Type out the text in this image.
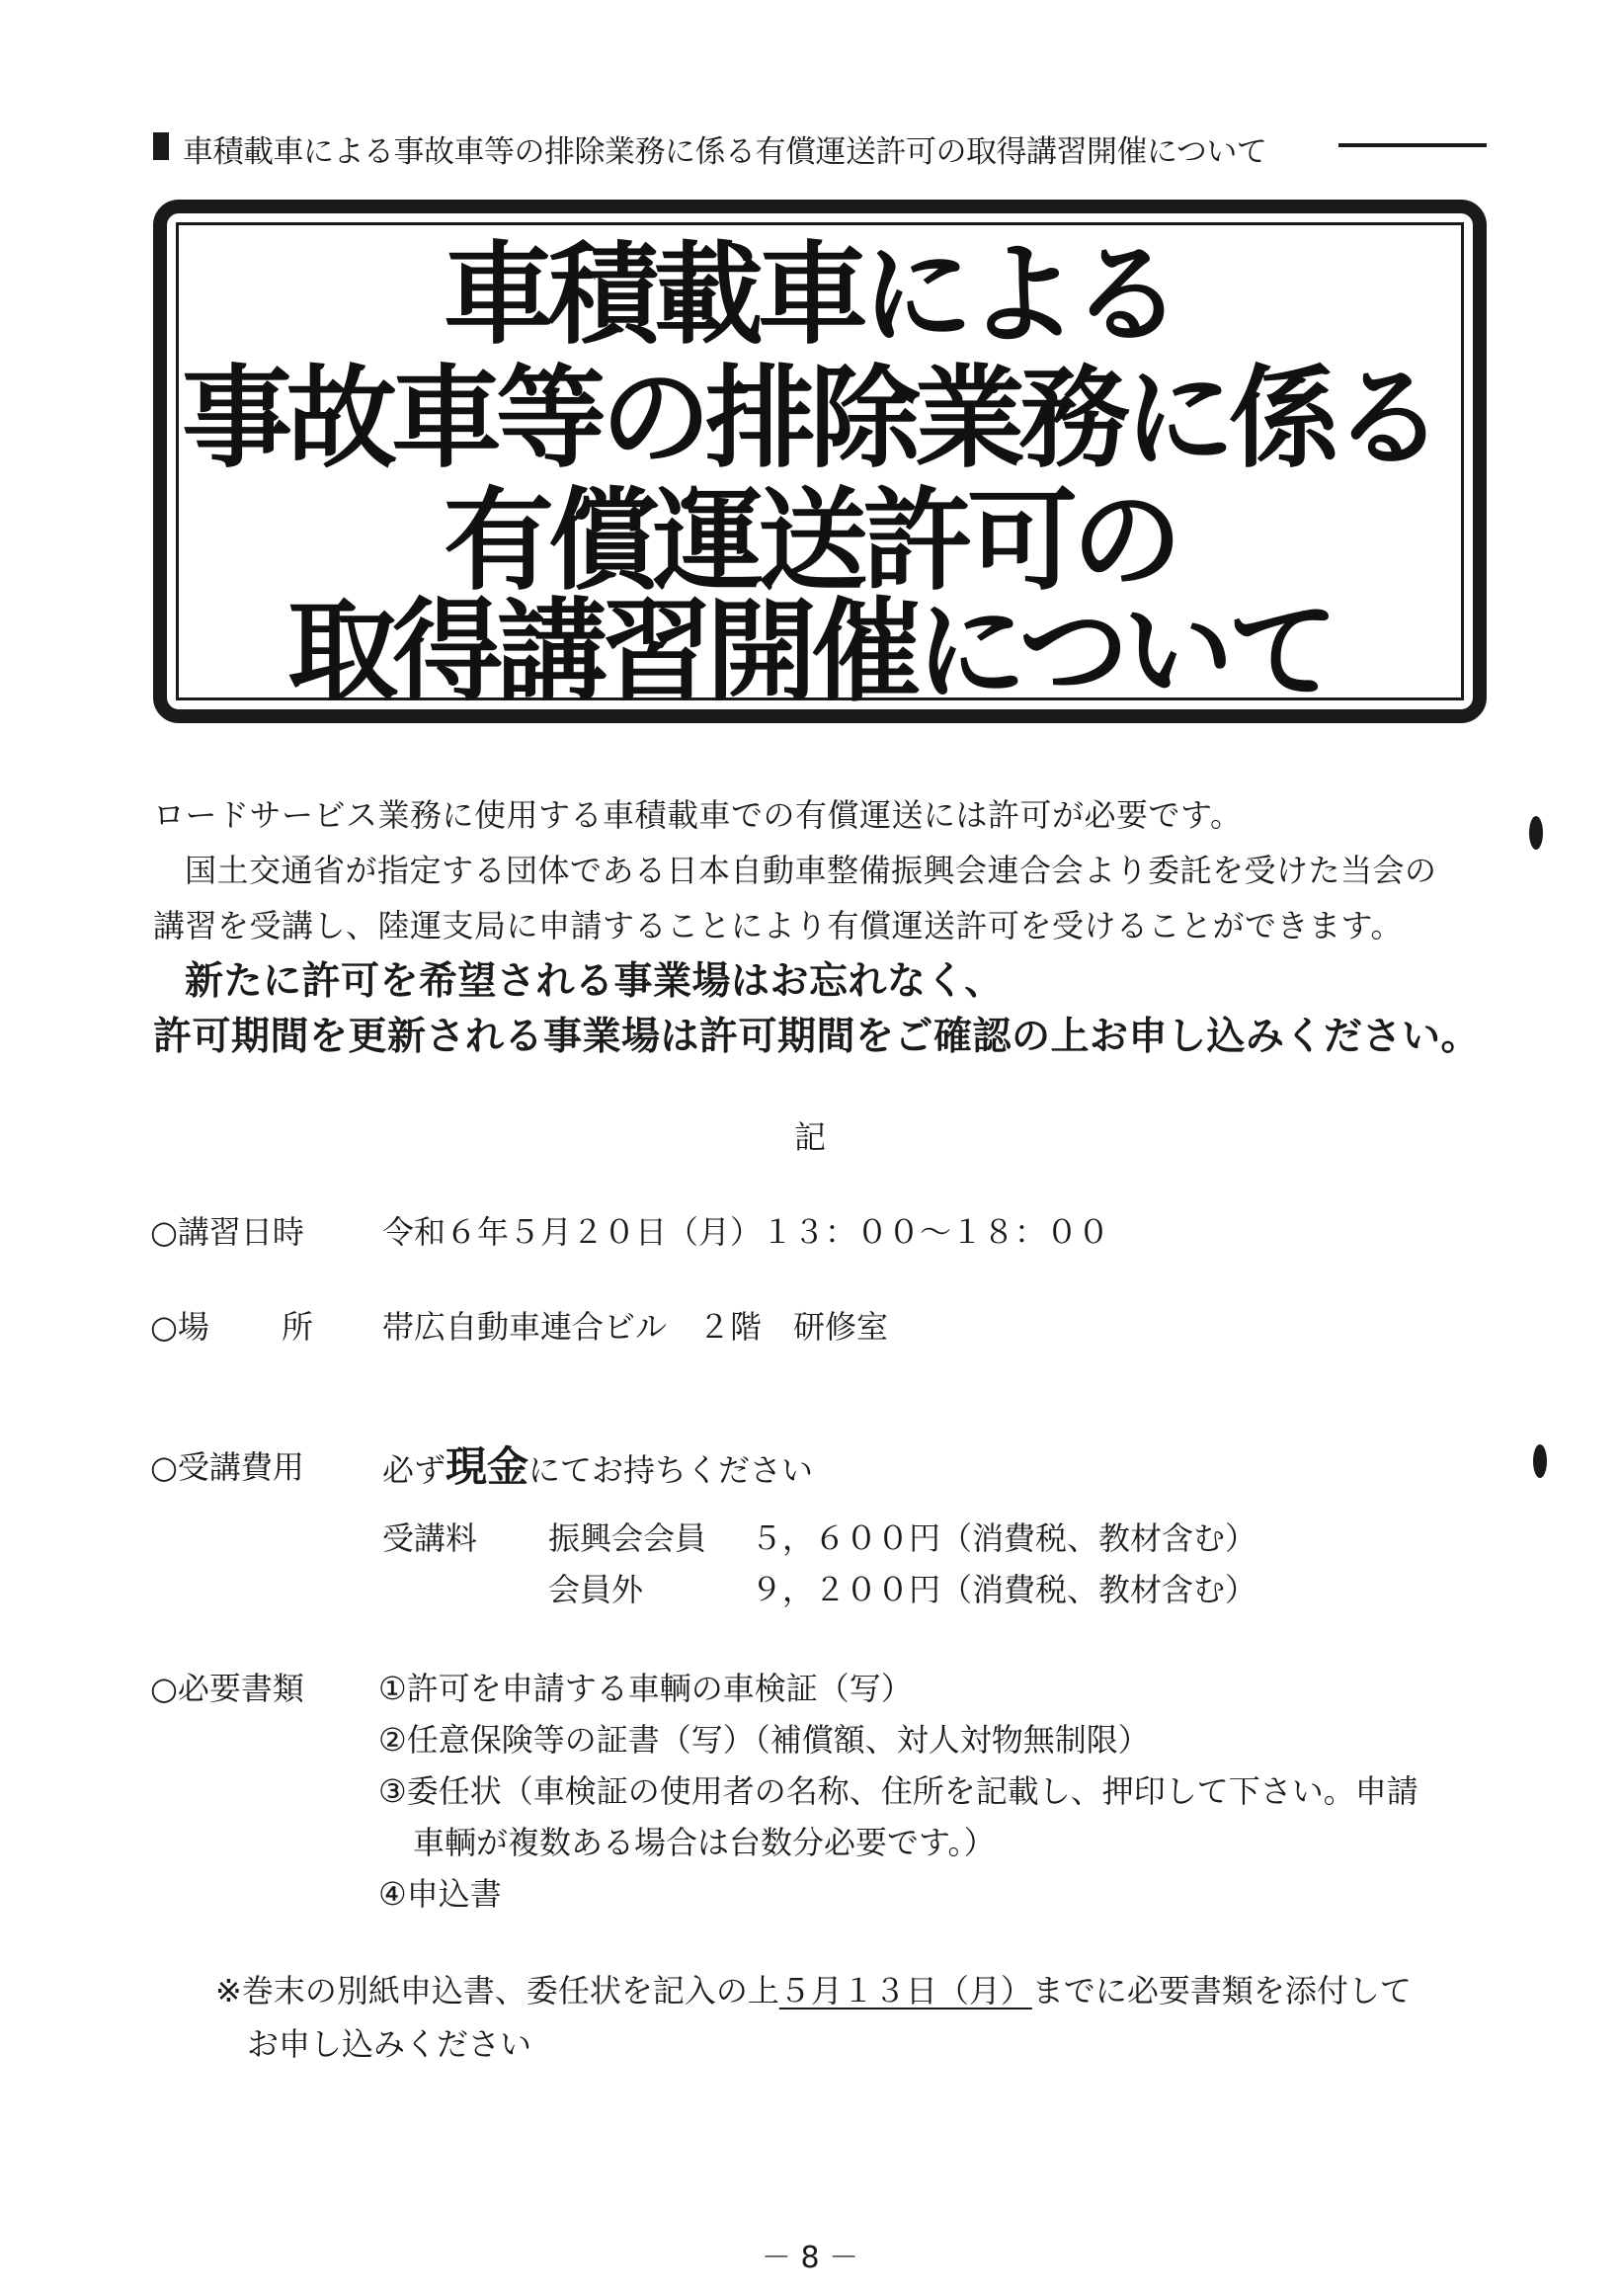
車積載車による事故車等の排除業務に係る有償運送許可の取得講習開催について
車積載車による
事故車等の排除業務に係る
有償運送許可の
取得講習開催について
ロードサービス業務に使用する車積載車での有償運送には許可が必要です。
国土交通省が指定する団体である日本自動車整備振興会連合会より委託を受けた当会の
講習を受講し、陸運支局に申請することにより有償運送許可を受けることができます。
新たに許可を希望される事業場はお忘れなく、
許可期間を更新される事業場は許可期間をご確認の上お申し込みください。
記
○講習日時 令和６年５月２０日（月）１３：００～１８：００
○場 所 帯広自動車連合ビル　２階　研修室
○受講費用 必ず現金にてお持ちください
受講料 振興会会員 ５，６００円（消費税、教材含む）
会員外	９，２００円（消費税、教材含む）
○必要書類 ①許可を申請する車輌の車検証（写）
②任意保険等の証書（写）（補償額、対人対物無制限）
③委任状（車検証の使用者の名称、住所を記載し、押印して下さい。申請
車輌が複数ある場合は台数分必要です。）
④申込書
※巻末の別紙申込書、委任状を記入の上５月１３日（月）までに必要書類を添付して
お申し込みください
－ 8 －
